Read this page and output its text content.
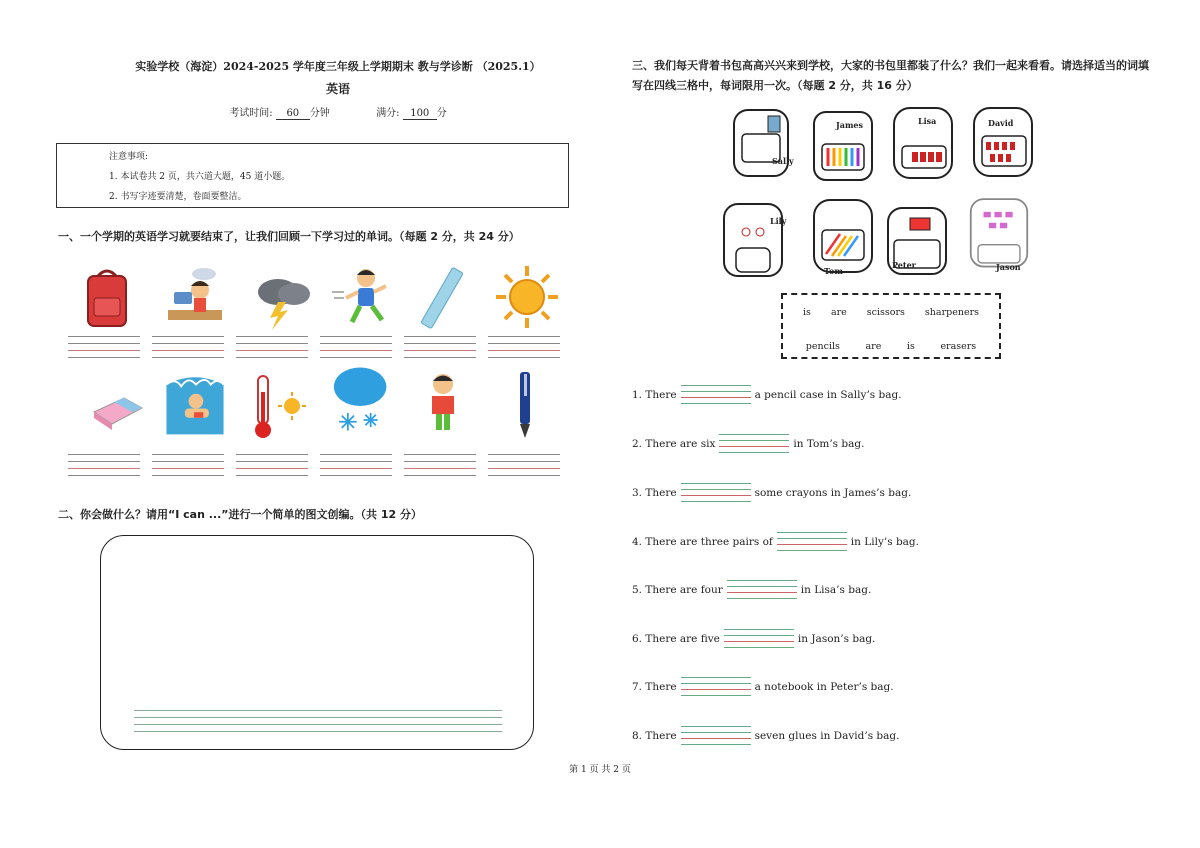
实验学校（海淀）2024-2025 学年度三年级上学期期末 教与学诊断 （2025.1）
英语
考试时间: 60 分钟	满分: 100 分
注意事项:
1. 本试卷共 2 页，共六道大题，45 道小题。
2. 书写字迹要清楚，卷面要整洁。
一、一个学期的英语学习就要结束了，让我们回顾一下学习过的单词。（每题 2 分，共 24 分）
二、你会做什么？请用“I can ...”进行一个简单的图文创编。（共 12 分）
三、我们每天背着书包高高兴兴来到学校，大家的书包里都装了什么？我们一起来看看。请选择适当的词填写在四线三格中，每词限用一次。（每题 2 分，共 16 分）
Sally
James	Lisa	David
Lily
Tom
Peter	Jason
is are scissors sharpeners
pencils	are	is	erasers
1. There	a pencil case in Sally’s bag.
2. There are six	in Tom’s bag.
3. There	some crayons in James’s bag.
4. There are three pairs of	in Lily’s bag.
5. There are four	in Lisa’s bag.
6. There are five	in Jason’s bag.
7. There	a notebook in Peter’s bag.
8. There	seven glues in David’s bag.
第 1 页 共 2 页
